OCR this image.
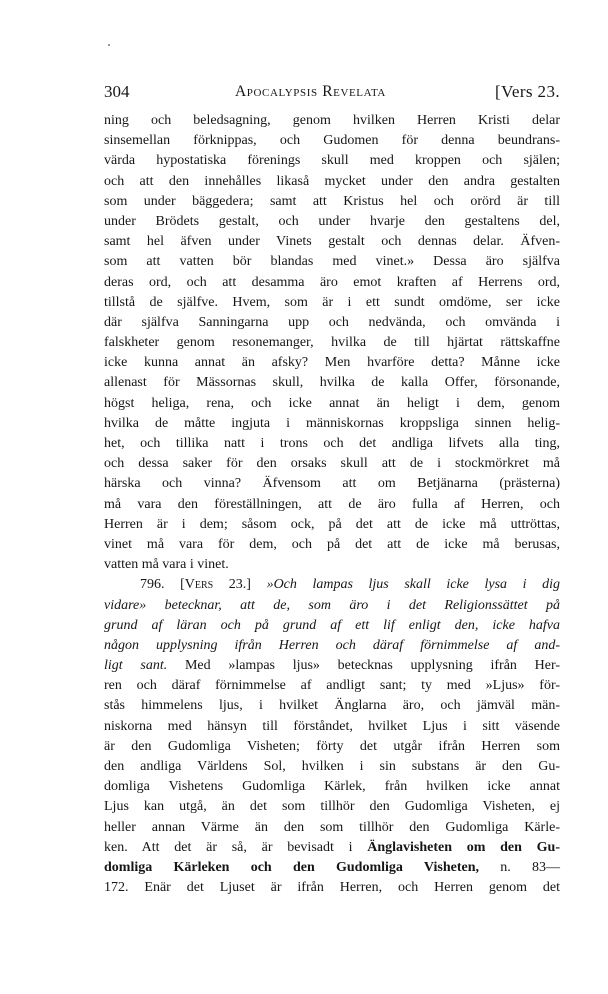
304	Apocalypsis Revelata	[Vers 23.
ning och beledsagning, genom hvilken Herren Kristi delar
sinsemellan förknippas, och Gudomen för denna beundrans-
värda hypostatiska förenings skull med kroppen och själen;
och att den innehålles likaså mycket under den andra gestalten
som under bäggedera; samt att Kristus hel och orörd är till
under Brödets gestalt, och under hvarje den gestaltens del,
samt hel äfven under Vinets gestalt och dennas delar. Äfven-
som att vatten bör blandas med vinet.» Dessa äro själfva
deras ord, och att desamma äro emot kraften af Herrens ord,
tillstå de själfve. Hvem, som är i ett sundt omdöme, ser icke
där själfva Sanningarna upp och nedvända, och omvända i
falskheter genom resonemanger, hvilka de till hjärtat rättskaffne
icke kunna annat än afsky? Men hvarföre detta? Månne icke
allenast för Mässornas skull, hvilka de kalla Offer, försonande,
högst heliga, rena, och icke annat än heligt i dem, genom
hvilka de måtte ingjuta i människornas kroppsliga sinnen helig-
het, och tillika natt i trons och det andliga lifvets alla ting,
och dessa saker för den orsaks skull att de i stockmörkret må
härska och vinna? Äfvensom att om Betjänarna (prästerna)
må vara den föreställningen, att de äro fulla af Herren, och
Herren är i dem; såsom ock, på det att de icke må uttröttas,
vinet må vara för dem, och på det att de icke må berusas,
vatten må vara i vinet.
796. [Vers 23.] »Och lampas ljus skall icke lysa i dig
vidare» betecknar, att de, som äro i det Religionssättet på
grund af läran och på grund af ett lif enligt den, icke hafva
någon upplysning ifrån Herren och däraf förnimmelse af and-
ligt sant. Med »lampas ljus» betecknas upplysning ifrån Her-
ren och däraf förnimmelse af andligt sant; ty med »Ljus» för-
stås himmelens ljus, i hvilket Änglarna äro, och jämväl män-
niskorna med hänsyn till förståndet, hvilket Ljus i sitt väsende
är den Gudomliga Visheten; förty det utgår ifrån Herren som
den andliga Världens Sol, hvilken i sin substans är den Gu-
domliga Vishetens Gudomliga Kärlek, från hvilken icke annat
Ljus kan utgå, än det som tillhör den Gudomliga Visheten, ej
heller annan Värme än den som tillhör den Gudomliga Kärle-
ken. Att det är så, är bevisadt i Änglavisheten om den Gu-
domliga Kärleken och den Gudomliga Visheten, n. 83—
172. Enär det Ljuset är ifrån Herren, och Herren genom det
